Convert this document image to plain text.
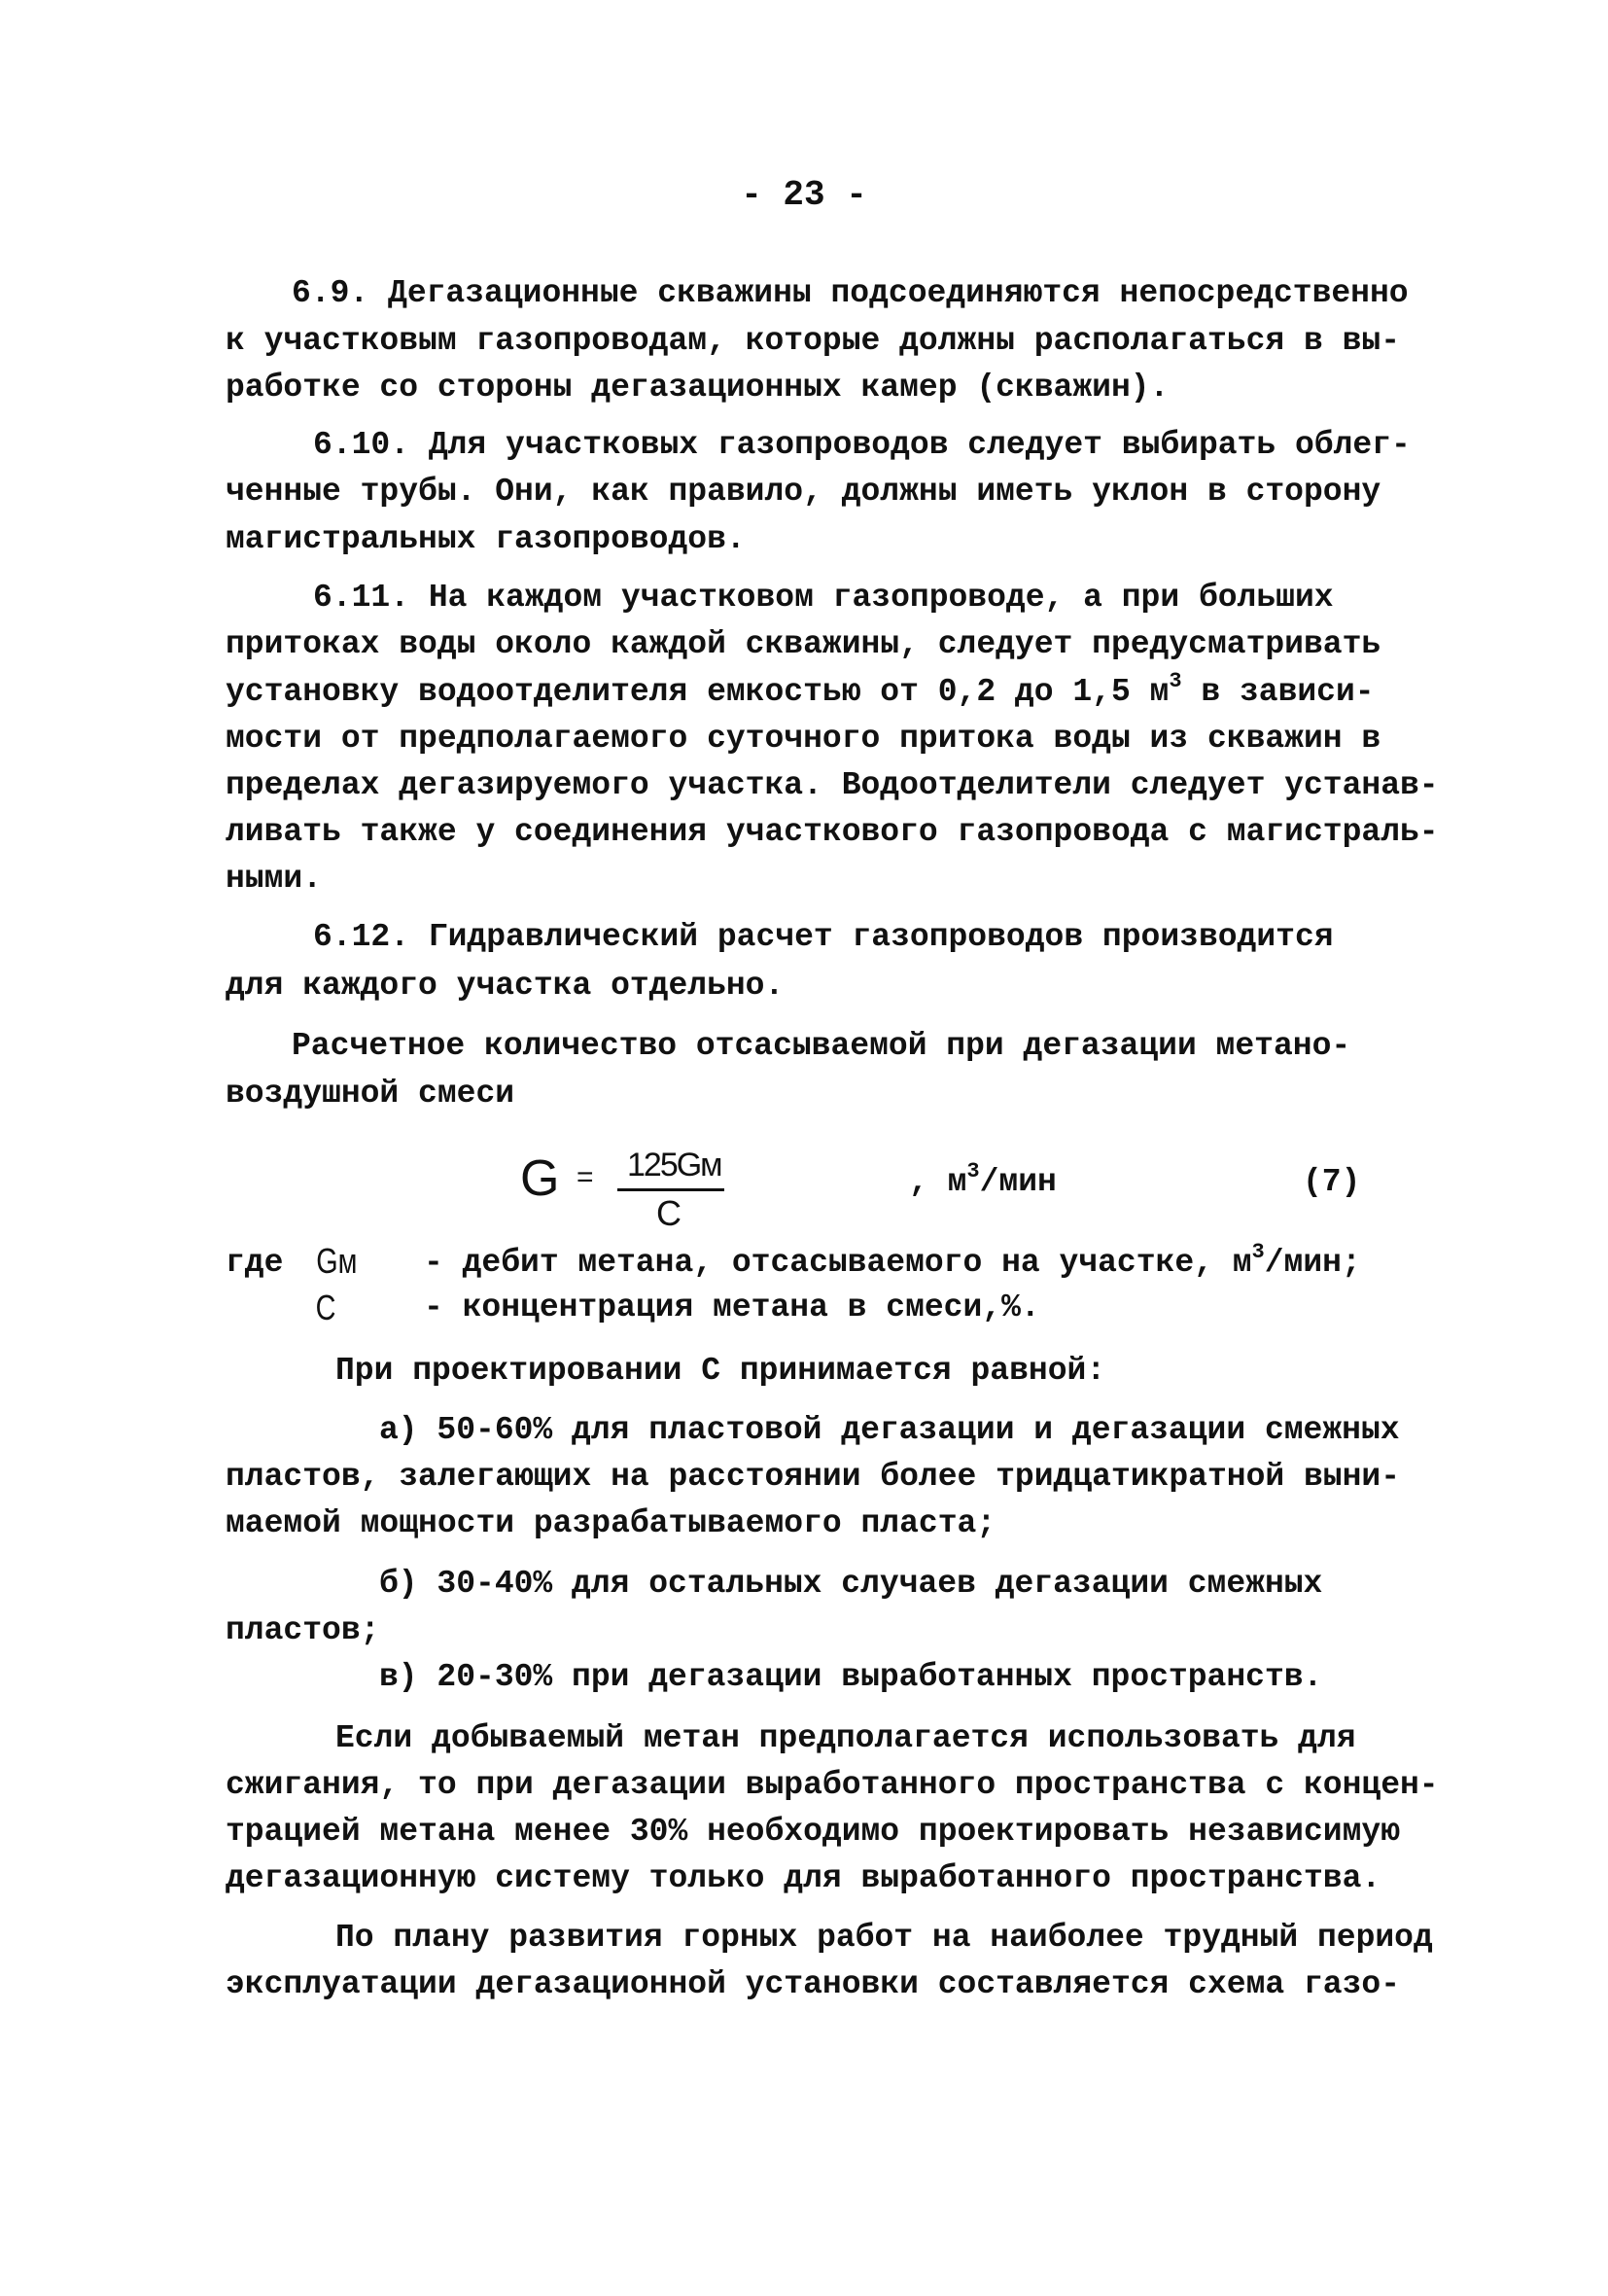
- 23 -
6.9. Дегазационные скважины подсоединяются непосредственно
к участковым газопроводам, которые должны располагаться в вы-
работке со стороны дегазационных камер (скважин).
6.10. Для участковых газопроводов следует выбирать облег-
ченные трубы. Они, как правило, должны иметь уклон в сторону
магистральных газопроводов.
6.11. На каждом участковом газопроводе, а при больших
притоках воды около каждой скважины, следует предусматривать
установку водоотделителя емкостью от 0,2 до 1,5 $м^3$ в зависи-
мости от предполагаемого суточного притока воды из скважин в
пределах дегазируемого участка. Водоотделители следует устанав-
ливать также у соединения участкового газопровода с магистраль-
ными.
6.12. Гидравлический расчет газопроводов производится
для каждого участка отдельно.
Расчетное количество отсасываемой при дегазации метано-
воздушной смеси
G = 125Gм
C
, $м^3$/мин	(7)
где Gм - дебит метана, отсасываемого на участке, $м^3$/мин;
C	- концентрация метана в смеси,%.
При проектировании C принимается равной:
а) 50-60% для пластовой дегазации и дегазации смежных
пластов, залегающих на расстоянии более тридцатикратной выни-
маемой мощности разрабатываемого пласта;
б) 30-40% для остальных случаев дегазации смежных
пластов;
в) 20-30% при дегазации выработанных пространств.
Если добываемый метан предполагается использовать для
сжигания, то при дегазации выработанного пространства с концен-
трацией метана менее 30% необходимо проектировать независимую
дегазационную систему только для выработанного пространства.
По плану развития горных работ на наиболее трудный период
эксплуатации дегазационной установки составляется схема газо-
